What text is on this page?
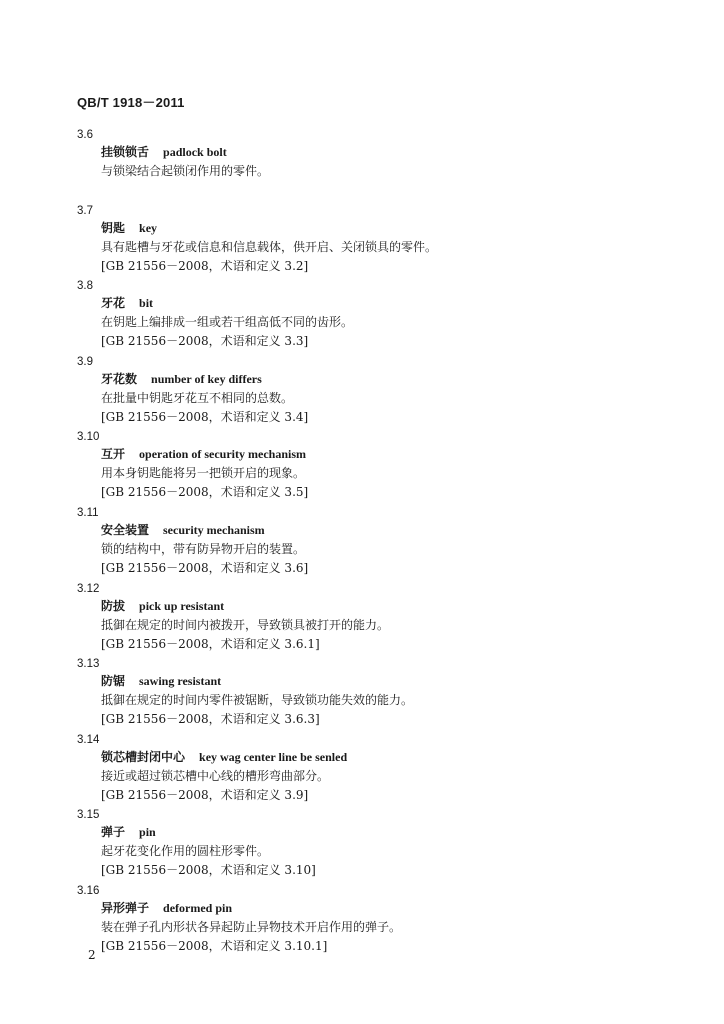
QB/T 1918－2011
3.6
挂锁锁舌 padlock bolt
与锁梁结合起锁闭作用的零件。
3.7
钥匙 key
具有匙槽与牙花或信息和信息载体，供开启、关闭锁具的零件。
[GB 21556－2008，术语和定义 3.2]
3.8
牙花 bit
在钥匙上编排成一组或若干组高低不同的齿形。
[GB 21556－2008，术语和定义 3.3]
3.9
牙花数 number of key differs
在批量中钥匙牙花互不相同的总数。
[GB 21556－2008，术语和定义 3.4]
3.10
互开 operation of security mechanism
用本身钥匙能将另一把锁开启的现象。
[GB 21556－2008，术语和定义 3.5]
3.11
安全装置 security mechanism
锁的结构中，带有防异物开启的装置。
[GB 21556－2008，术语和定义 3.6]
3.12
防拔 pick up resistant
抵御在规定的时间内被拨开，导致锁具被打开的能力。
[GB 21556－2008，术语和定义 3.6.1]
3.13
防锯 sawing resistant
抵御在规定的时间内零件被锯断，导致锁功能失效的能力。
[GB 21556－2008，术语和定义 3.6.3]
3.14
锁芯槽封闭中心 key wag center line be senled
接近或超过锁芯槽中心线的槽形弯曲部分。
[GB 21556－2008，术语和定义 3.9]
3.15
弹子 pin
起牙花变化作用的圆柱形零件。
[GB 21556－2008，术语和定义 3.10]
3.16
异形弹子 deformed pin
装在弹子孔内形状各异起防止异物技术开启作用的弹子。
[GB 21556－2008，术语和定义 3.10.1]
2
